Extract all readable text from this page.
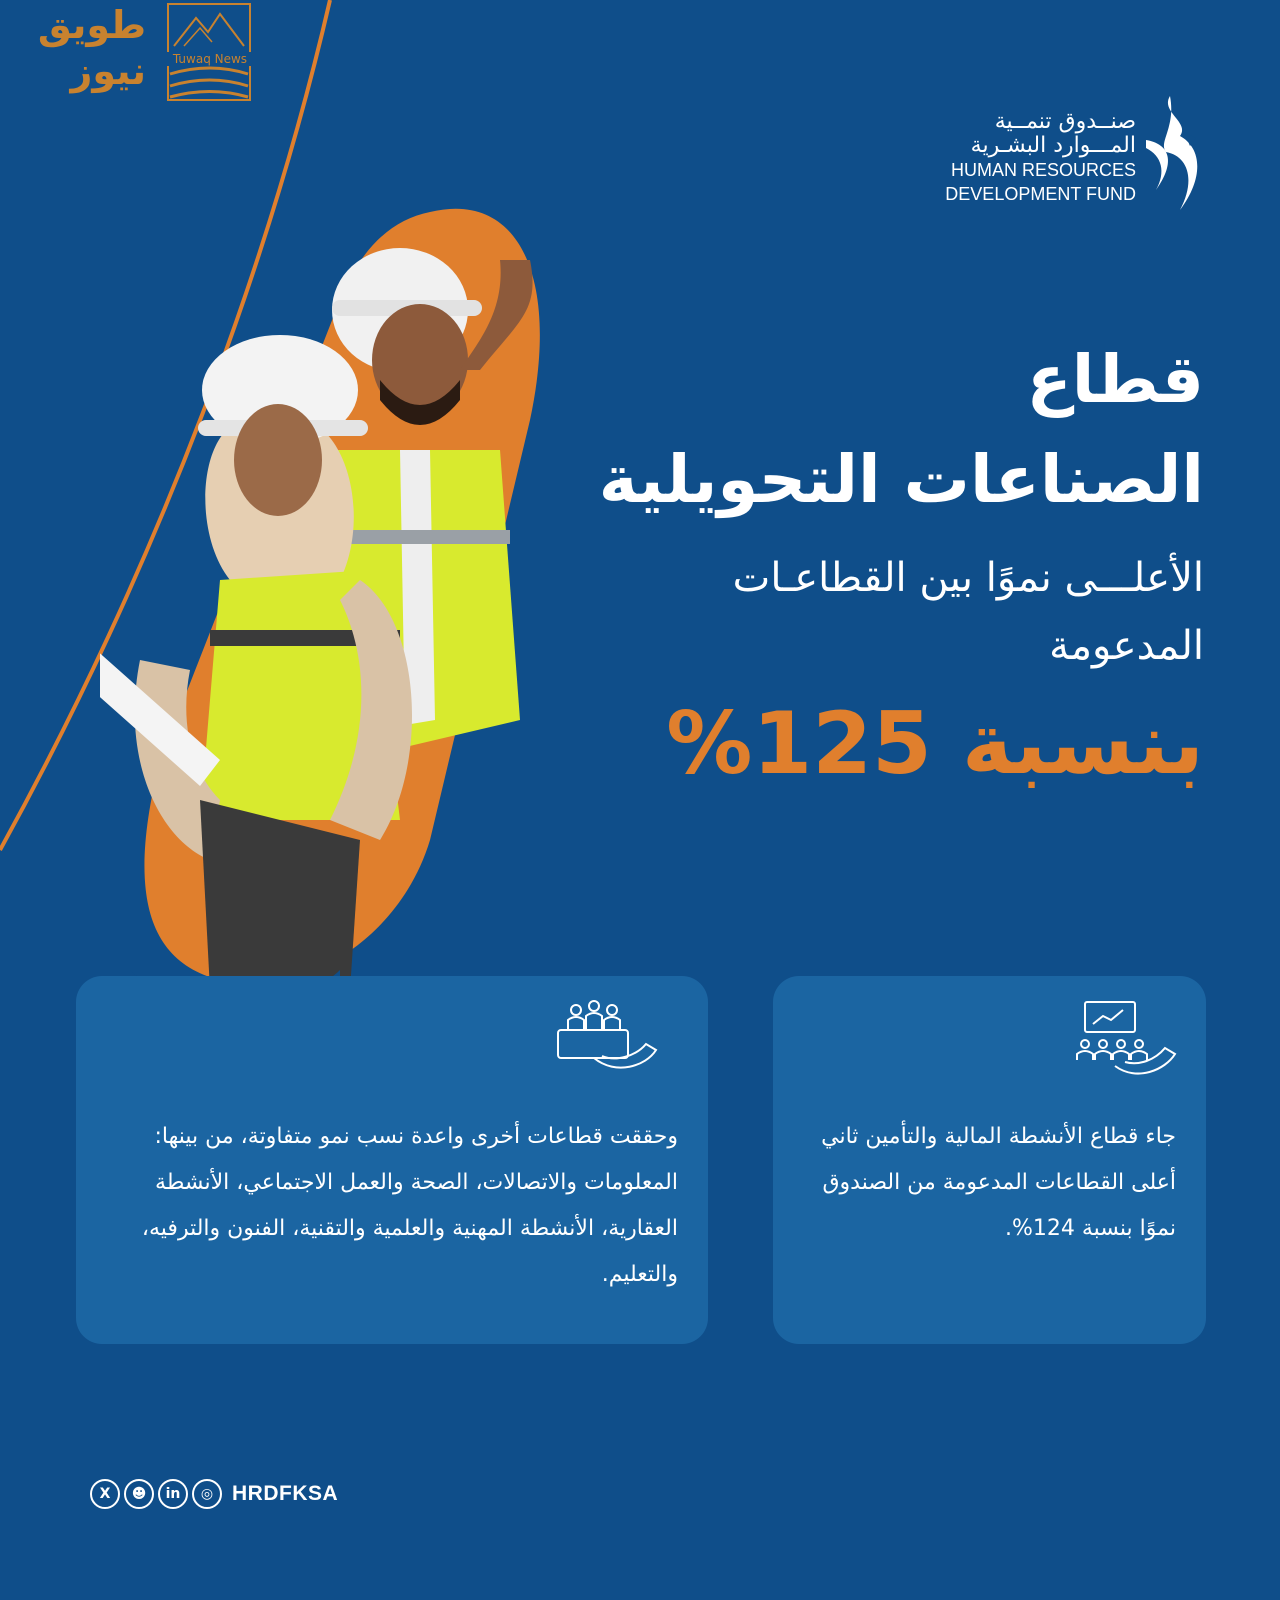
طويق
نيوز	Tuwaq News
صنــدوق تنمــية
المـــوارد البشـرية
HUMAN RESOURCES
DEVELOPMENT FUND
قطاع
الصناعات التحويلية
الأعلـــى نموًا بين القطاعـات
المدعومة
بنسبة 125%
وحققت قطاعات أخرى واعدة نسب نمو متفاوتة، من بينها: المعلومات والاتصالات، الصحة والعمل الاجتماعي، الأنشطة العقارية، الأنشطة المهنية والعلمية والتقنية، الفنون والترفيه، والتعليم.
جاء قطاع الأنشطة المالية والتأمين ثاني أعلى القطاعات المدعومة من الصندوق نموًا بنسبة 124%.
X	☻	in	◎ HRDFKSA
